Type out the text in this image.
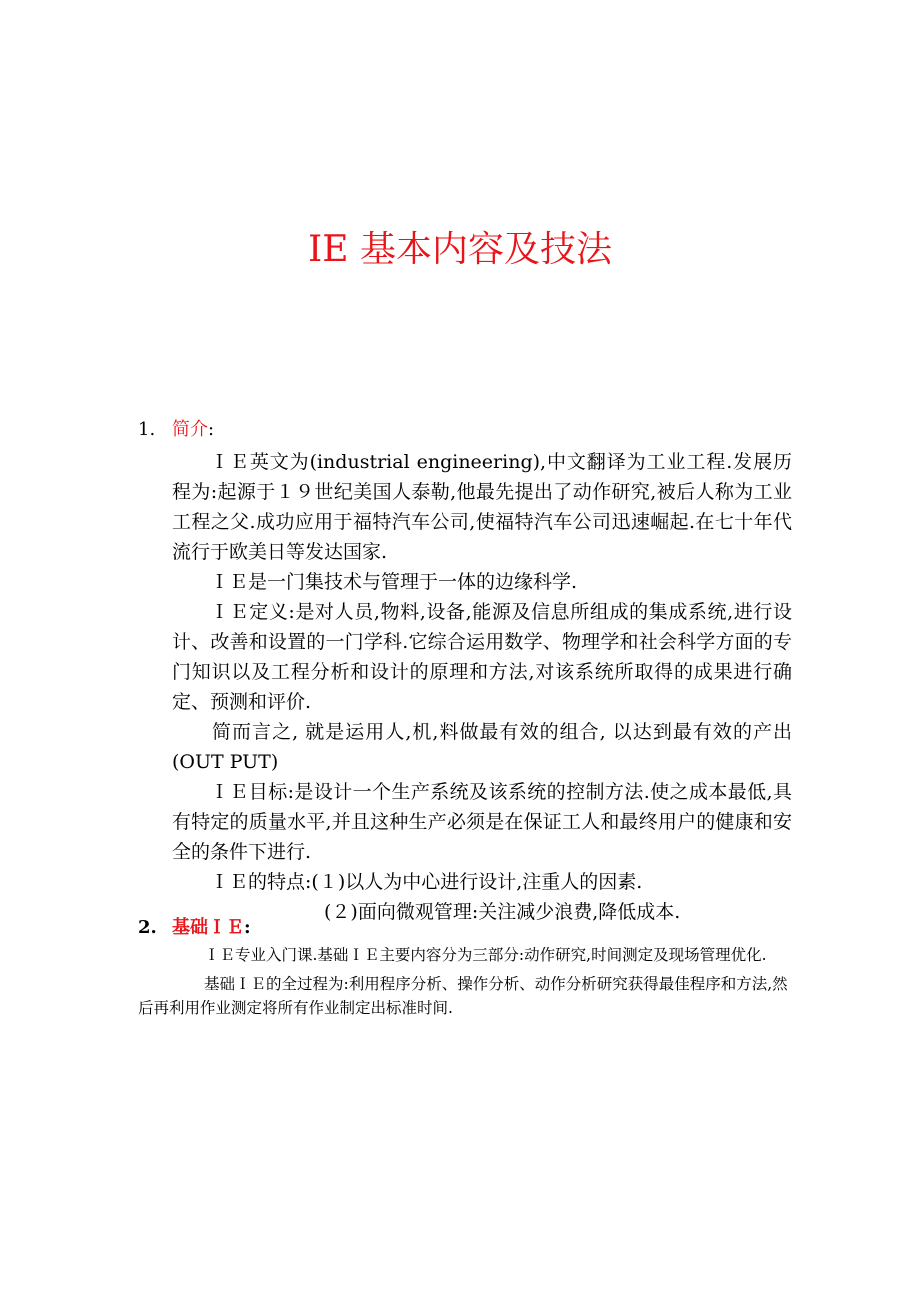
IE 基本内容及技法
1. 简介:

ＩＥ英文为(industrial engineering),中文翻译为工业工程.发展历程为:起源于１９世纪美国人泰勒,他最先提出了动作研究,被后人称为工业工程之父.成功应用于福特汽车公司,使福特汽车公司迅速崛起.在七十年代流行于欧美日等发达国家.

ＩＥ是一门集技术与管理于一体的边缘科学.

ＩＥ定义:是对人员,物料,设备,能源及信息所组成的集成系统,进行设计、改善和设置的一门学科.它综合运用数学、物理学和社会科学方面的专门知识以及工程分析和设计的原理和方法,对该系统所取得的成果进行确定、预测和评价.

简而言之, 就是运用人,机,料做最有效的组合, 以达到最有效的产出(OUT PUT)

ＩＥ目标:是设计一个生产系统及该系统的控制方法.使之成本最低,具有特定的质量水平,并且这种生产必须是在保证工人和最终用户的健康和安全的条件下进行.

ＩＥ的特点:(１)以人为中心进行设计,注重人的因素.

(２)面向微观管理:关注减少浪费,降低成本.

2. 基础ＩＥ:

ＩＥ专业入门课.基础ＩＥ主要内容分为三部分:动作研究,时间测定及现场管理优化.

基础ＩＥ的全过程为:利用程序分析、操作分析、动作分析研究获得最佳程序和方法,然后再利用作业测定将所有作业制定出标准时间.
